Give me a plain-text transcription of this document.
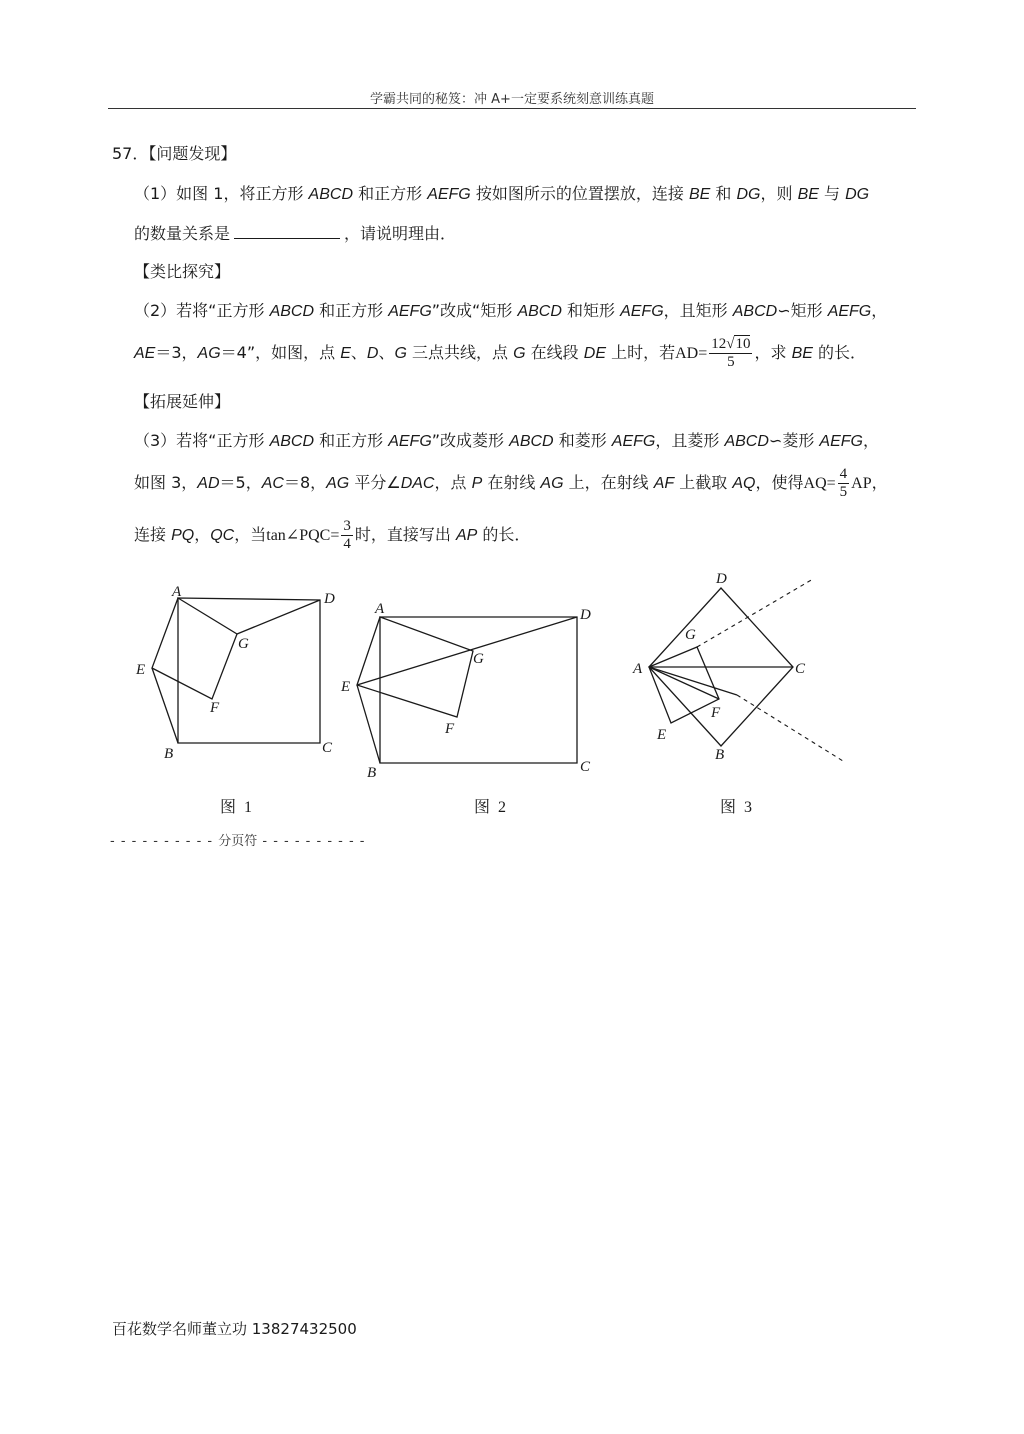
学霸共同的秘笈：冲 A+一定要系统刻意训练真题
57．【问题发现】
（1）如图 1，将正方形 ABCD 和正方形 AEFG 按如图所示的位置摆放，连接 BE 和 DG，则 BE 与 DG
的数量关系是	，请说明理由．
【类比探究】
（2）若将“正方形 ABCD 和正方形 AEFG”改成“矩形 ABCD 和矩形 AEFG，且矩形 ABCD∽矩形 AEFG，
AE＝3，AG＝4”，如图，点 E、D、G 三点共线，点 G 在线段 DE 上时，若$AD= \frac{12√10}{5}$ ，求 BE 的长．
【拓展延伸】
（3）若将“正方形 ABCD 和正方形 AEFG”改成菱形 ABCD 和菱形 AEFG，且菱形 ABCD∽菱形 AEFG，
如图 3，AD＝5，AC＝8，AG 平分∠DAC，点 P 在射线 AG 上，在射线 AF 上截取 AQ，使得$AQ= \frac{4}{5}$ AP，
连接 PQ，QC，当tan∠PQC= $\frac{3}{4}$ 时，直接写出 AP 的长．
A	D
E
G
F
B	C
图 1
A	D
E
G
F
B	C
图 2
D
G
A	C
F
E
B
图 3
- - - - - - - - - - 分页符 - - - - - - - - - -
百花数学名师董立功 13827432500
